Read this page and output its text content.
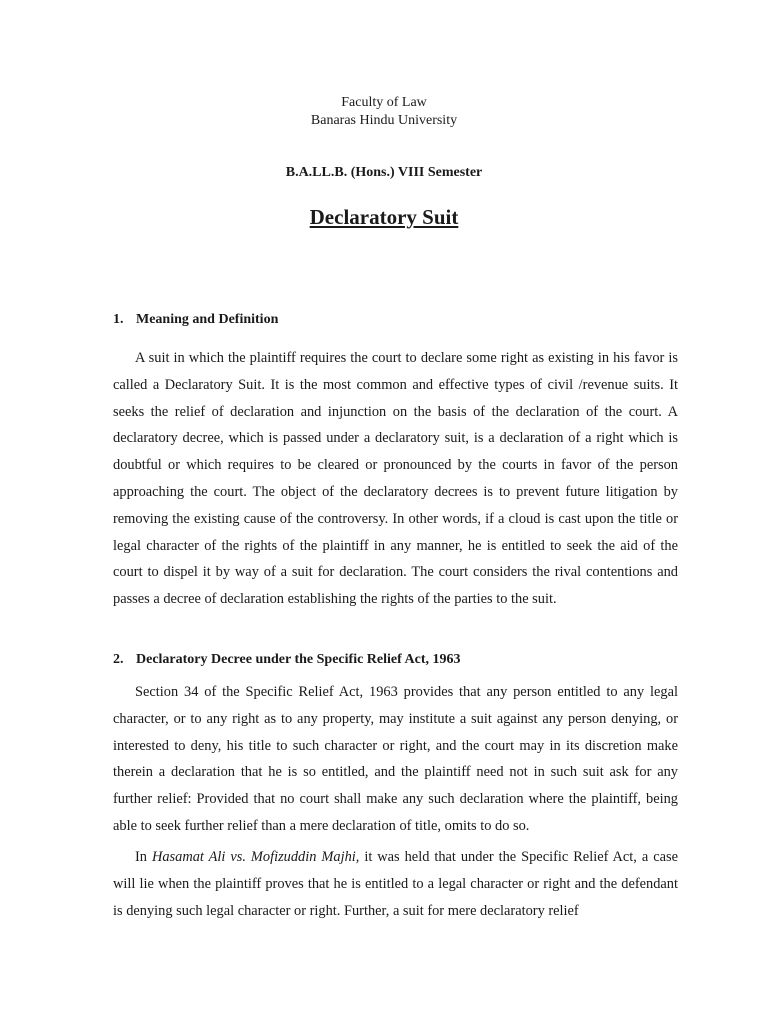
Faculty of Law
Banaras Hindu University
B.A.LL.B. (Hons.) VIII Semester
Declaratory Suit
1. Meaning and Definition

A suit in which the plaintiff requires the court to declare some right as existing in his favor is called a Declaratory Suit. It is the most common and effective types of civil /revenue suits. It seeks the relief of declaration and injunction on the basis of the declaration of the court. A declaratory decree, which is passed under a declaratory suit, is a declaration of a right which is doubtful or which requires to be cleared or pronounced by the courts in favor of the person approaching the court. The object of the declaratory decrees is to prevent future litigation by removing the existing cause of the controversy. In other words, if a cloud is cast upon the title or legal character of the rights of the plaintiff in any manner, he is entitled to seek the aid of the court to dispel it by way of a suit for declaration. The court considers the rival contentions and passes a decree of declaration establishing the rights of the parties to the suit.

2. Declaratory Decree under the Specific Relief Act, 1963

Section 34 of the Specific Relief Act, 1963 provides that any person entitled to any legal character, or to any right as to any property, may institute a suit against any person denying, or interested to deny, his title to such character or right, and the court may in its discretion make therein a declaration that he is so entitled, and the plaintiff need not in such suit ask for any further relief: Provided that no court shall make any such declaration where the plaintiff, being able to seek further relief than a mere declaration of title, omits to do so.

In Hasamat Ali vs. Mofizuddin Majhi, it was held that under the Specific Relief Act, a case will lie when the plaintiff proves that he is entitled to a legal character or right and the defendant is denying such legal character or right. Further, a suit for mere declaratory relief
